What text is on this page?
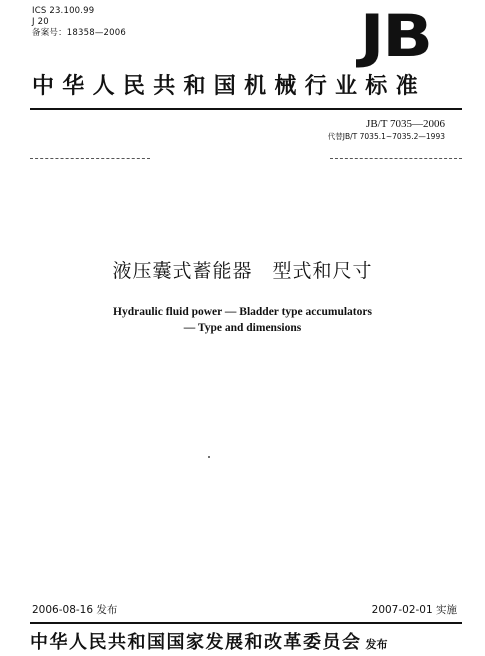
ICS 23.100.99
J 20
备案号：18358—2006	JB
中华人民共和国机械行业标准
JB/T 7035—2006
代替JB/T 7035.1~7035.2—1993
液压囊式蓄能器　型式和尺寸
Hydraulic fluid power — Bladder type accumulators
— Type and dimensions
2006-08-16 发布	2007-02-01 实施
中华人民共和国国家发展和改革委员会 发布
